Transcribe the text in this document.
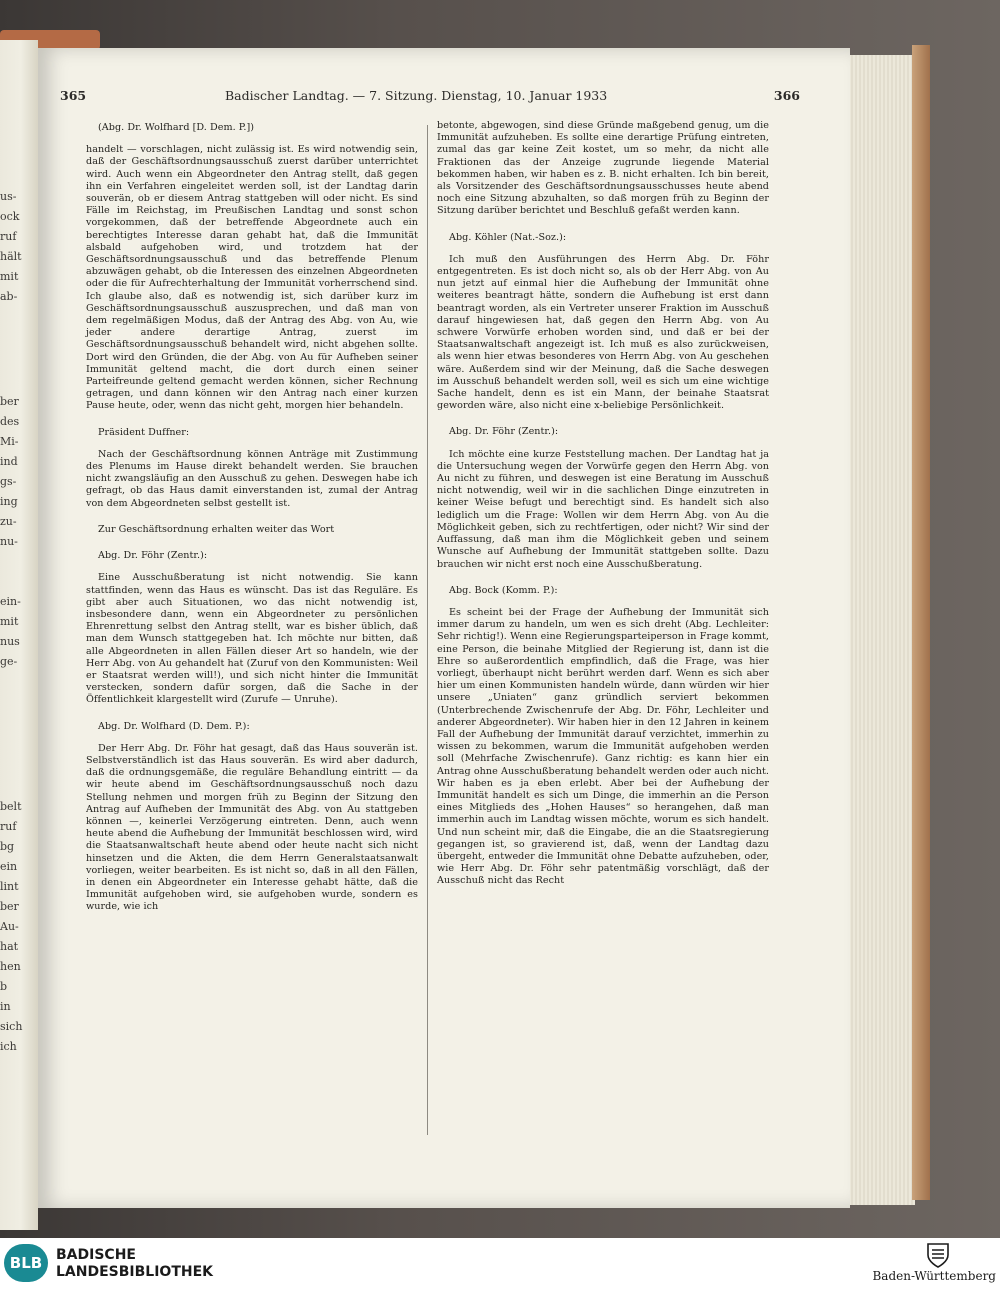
us-
ock
ruf
hält
mit
ab-
ber
des
Mi-
ind
gs-
ing
zu-
nu-
ein-
mit
nus
ge-
belt
ruf
bg
ein
lint
ber
Au-
hat
hen
b
in
sich
ich
365	Badischer Landtag. — 7. Sitzung. Dienstag, 10. Januar 1933	366

(Abg. Dr. Wolfhard [D. Dem. P.])

handelt — vorschlagen, nicht zulässig ist. Es wird notwendig sein, daß der Geschäftsordnungsausschuß zuerst darüber unterrichtet wird. Auch wenn ein Abgeordneter den Antrag stellt, daß gegen ihn ein Verfahren eingeleitet werden soll, ist der Landtag darin souverän, ob er diesem Antrag stattgeben will oder nicht. Es sind Fälle im Reichstag, im Preußischen Landtag und sonst schon vorgekommen, daß der betreffende Abgeordnete auch ein berechtigtes Interesse daran gehabt hat, daß die Immunität alsbald aufgehoben wird, und trotzdem hat der Geschäftsordnungsausschuß und das betreffende Plenum abzuwägen gehabt, ob die Interessen des einzelnen Abgeordneten oder die für Aufrechterhaltung der Immunität vorherrschend sind. Ich glaube also, daß es notwendig ist, sich darüber kurz im Geschäftsordnungsausschuß auszusprechen, und daß man von dem regelmäßigen Modus, daß der Antrag des Abg. von Au, wie jeder andere derartige Antrag, zuerst im Geschäftsordnungsausschuß behandelt wird, nicht abgehen sollte. Dort wird den Gründen, die der Abg. von Au für Aufheben seiner Immunität geltend macht, die dort durch einen seiner Parteifreunde geltend gemacht werden können, sicher Rechnung getragen, und dann können wir den Antrag nach einer kurzen Pause heute, oder, wenn das nicht geht, morgen hier behandeln.

Präsident Duffner:

Nach der Geschäftsordnung können Anträge mit Zustimmung des Plenums im Hause direkt behandelt werden. Sie brauchen nicht zwangsläufig an den Ausschuß zu gehen. Deswegen habe ich gefragt, ob das Haus damit einverstanden ist, zumal der Antrag von dem Abgeordneten selbst gestellt ist.

Zur Geschäftsordnung erhalten weiter das Wort

Abg. Dr. Föhr (Zentr.):

Eine Ausschußberatung ist nicht notwendig. Sie kann stattfinden, wenn das Haus es wünscht. Das ist das Reguläre. Es gibt aber auch Situationen, wo das nicht notwendig ist, insbesondere dann, wenn ein Abgeordneter zu persönlichen Ehrenrettung selbst den Antrag stellt, war es bisher üblich, daß man dem Wunsch stattgegeben hat. Ich möchte nur bitten, daß alle Abgeordneten in allen Fällen dieser Art so handeln, wie der Herr Abg. von Au gehandelt hat (Zuruf von den Kommunisten: Weil er Staatsrat werden will!), und sich nicht hinter die Immunität verstecken, sondern dafür sorgen, daß die Sache in der Öffentlichkeit klargestellt wird (Zurufe — Unruhe).

Abg. Dr. Wolfhard (D. Dem. P.):

Der Herr Abg. Dr. Föhr hat gesagt, daß das Haus souverän ist. Selbstverständlich ist das Haus souverän. Es wird aber dadurch, daß die ordnungsgemäße, die reguläre Behandlung eintritt — da wir heute abend im Geschäftsordnungsausschuß noch dazu Stellung nehmen und morgen früh zu Beginn der Sitzung den Antrag auf Aufheben der Immunität des Abg. von Au stattgeben können —, keinerlei Verzögerung eintreten. Denn, auch wenn heute abend die Aufhebung der Immunität beschlossen wird, wird die Staatsanwaltschaft heute abend oder heute nacht sich nicht hinsetzen und die Akten, die dem Herrn Generalstaatsanwalt vorliegen, weiter bearbeiten. Es ist nicht so, daß in all den Fällen, in denen ein Abgeordneter ein Interesse gehabt hätte, daß die Immunität aufgehoben wird, sie aufgehoben wurde, sondern es wurde, wie ich

betonte, abgewogen, sind diese Gründe maßgebend genug, um die Immunität aufzuheben. Es sollte eine derartige Prüfung eintreten, zumal das gar keine Zeit kostet, um so mehr, da nicht alle Fraktionen das der Anzeige zugrunde liegende Material bekommen haben, wir haben es z. B. nicht erhalten. Ich bin bereit, als Vorsitzender des Geschäftsordnungsausschusses heute abend noch eine Sitzung abzuhalten, so daß morgen früh zu Beginn der Sitzung darüber berichtet und Beschluß gefaßt werden kann.

Abg. Köhler (Nat.-Soz.):

Ich muß den Ausführungen des Herrn Abg. Dr. Föhr entgegentreten. Es ist doch nicht so, als ob der Herr Abg. von Au nun jetzt auf einmal hier die Aufhebung der Immunität ohne weiteres beantragt hätte, sondern die Aufhebung ist erst dann beantragt worden, als ein Vertreter unserer Fraktion im Ausschuß darauf hingewiesen hat, daß gegen den Herrn Abg. von Au schwere Vorwürfe erhoben worden sind, und daß er bei der Staatsanwaltschaft angezeigt ist. Ich muß es also zurückweisen, als wenn hier etwas besonderes von Herrn Abg. von Au geschehen wäre. Außerdem sind wir der Meinung, daß die Sache deswegen im Ausschuß behandelt werden soll, weil es sich um eine wichtige Sache handelt, denn es ist ein Mann, der beinahe Staatsrat geworden wäre, also nicht eine x-beliebige Persönlichkeit.

Abg. Dr. Föhr (Zentr.):

Ich möchte eine kurze Feststellung machen. Der Landtag hat ja die Untersuchung wegen der Vorwürfe gegen den Herrn Abg. von Au nicht zu führen, und deswegen ist eine Beratung im Ausschuß nicht notwendig, weil wir in die sachlichen Dinge einzutreten in keiner Weise befugt und berechtigt sind. Es handelt sich also lediglich um die Frage: Wollen wir dem Herrn Abg. von Au die Möglichkeit geben, sich zu rechtfertigen, oder nicht? Wir sind der Auffassung, daß man ihm die Möglichkeit geben und seinem Wunsche auf Aufhebung der Immunität stattgeben sollte. Dazu brauchen wir nicht erst noch eine Ausschußberatung.

Abg. Bock (Komm. P.):

Es scheint bei der Frage der Aufhebung der Immunität sich immer darum zu handeln, um wen es sich dreht (Abg. Lechleiter: Sehr richtig!). Wenn eine Regierungsparteiperson in Frage kommt, eine Person, die beinahe Mitglied der Regierung ist, dann ist die Ehre so außerordentlich empfindlich, daß die Frage, was hier vorliegt, überhaupt nicht berührt werden darf. Wenn es sich aber hier um einen Kommunisten handeln würde, dann würden wir hier unsere „Uniaten“ ganz gründlich serviert bekommen (Unterbrechende Zwischenrufe der Abg. Dr. Föhr, Lechleiter und anderer Abgeordneter). Wir haben hier in den 12 Jahren in keinem Fall der Aufhebung der Immunität darauf verzichtet, immerhin zu wissen zu bekommen, warum die Immunität aufgehoben werden soll (Mehrfache Zwischenrufe). Ganz richtig: es kann hier ein Antrag ohne Ausschußberatung behandelt werden oder auch nicht. Wir haben es ja eben erlebt. Aber bei der Aufhebung der Immunität handelt es sich um Dinge, die immerhin an die Person eines Mitglieds des „Hohen Hauses“ so herangehen, daß man immerhin auch im Landtag wissen möchte, worum es sich handelt. Und nun scheint mir, daß die Eingabe, die an die Staatsregierung gegangen ist, so gravierend ist, daß, wenn der Landtag dazu übergeht, entweder die Immunität ohne Debatte aufzuheben, oder, wie Herr Abg. Dr. Föhr sehr patentmäßig vorschlägt, daß der Ausschuß nicht das Recht

BLB BADISCHE
LANDESBIBLIOTHEK	Baden-Württemberg
